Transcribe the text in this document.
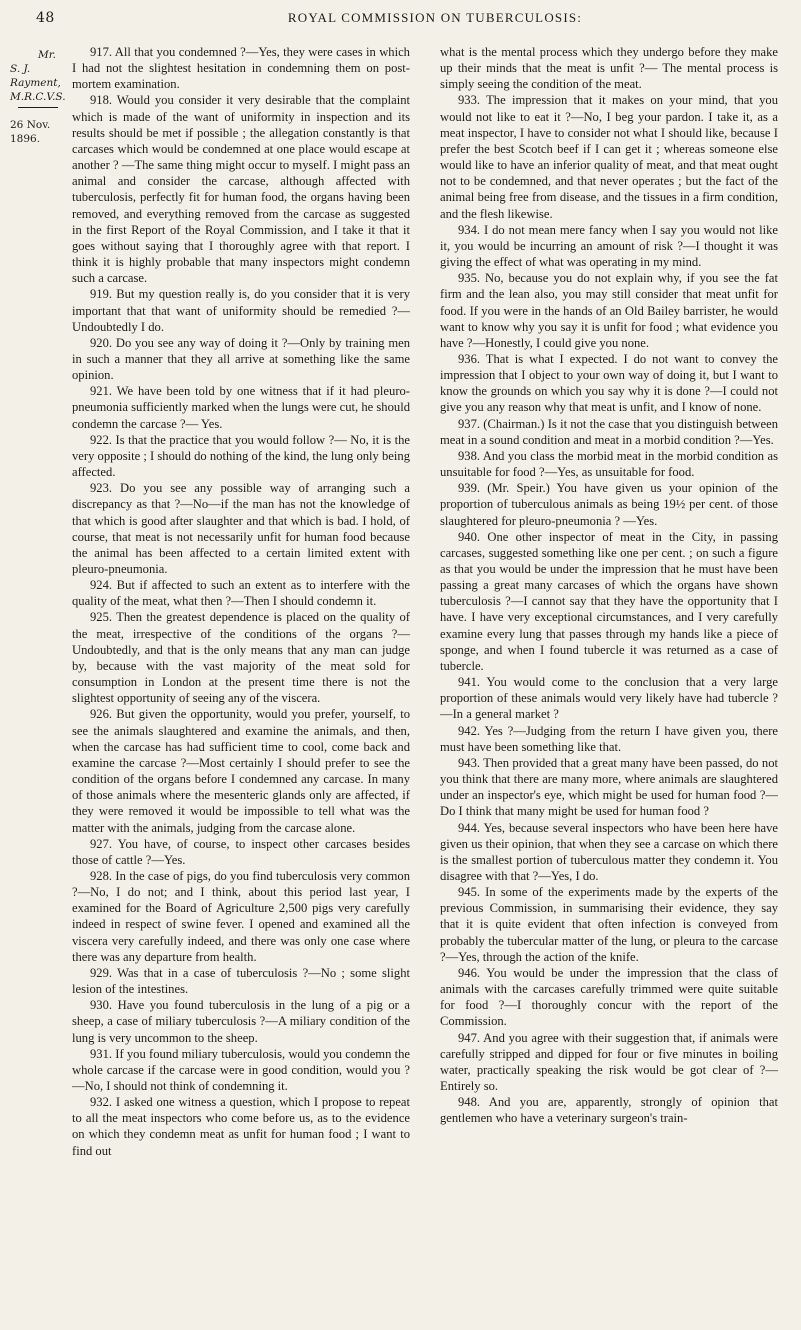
48	ROYAL COMMISSION ON TUBERCULOSIS:
Mr.
S. J. Rayment,
M.R.C.V.S.
26 Nov. 1896.

917. All that you condemned ?—Yes, they were cases in which I had not the slightest hesitation in condemning them on post-mortem examination.

918. Would you consider it very desirable that the complaint which is made of the want of uniformity in inspection and its results should be met if possible ; the allegation constantly is that carcases which would be condemned at one place would escape at another ? —The same thing might occur to myself. I might pass an animal and consider the carcase, although affected with tuberculosis, perfectly fit for human food, the organs having been removed, and everything removed from the carcase as suggested in the first Report of the Royal Commission, and I take it that it goes without saying that I thoroughly agree with that report. I think it is highly probable that many inspectors might condemn such a carcase.

919. But my question really is, do you consider that it is very important that that want of uniformity should be remedied ?—Undoubtedly I do.

920. Do you see any way of doing it ?—Only by training men in such a manner that they all arrive at something like the same opinion.

921. We have been told by one witness that if it had pleuro-pneumonia sufficiently marked when the lungs were cut, he should condemn the carcase ?— Yes.

922. Is that the practice that you would follow ?— No, it is the very opposite ; I should do nothing of the kind, the lung only being affected.

923. Do you see any possible way of arranging such a discrepancy as that ?—No—if the man has not the knowledge of that which is good after slaughter and that which is bad. I hold, of course, that meat is not necessarily unfit for human food because the animal has been affected to a certain limited extent with pleuro-pneumonia.

924. But if affected to such an extent as to interfere with the quality of the meat, what then ?—Then I should condemn it.

925. Then the greatest dependence is placed on the quality of the meat, irrespective of the conditions of the organs ?—Undoubtedly, and that is the only means that any man can judge by, because with the vast majority of the meat sold for consumption in London at the present time there is not the slightest opportunity of seeing any of the viscera.

926. But given the opportunity, would you prefer, yourself, to see the animals slaughtered and examine the animals, and then, when the carcase has had sufficient time to cool, come back and examine the carcase ?—Most certainly I should prefer to see the condition of the organs before I condemned any carcase. In many of those animals where the mesenteric glands only are affected, if they were removed it would be impossible to tell what was the matter with the animals, judging from the carcase alone.

927. You have, of course, to inspect other carcases besides those of cattle ?—Yes.

928. In the case of pigs, do you find tuberculosis very common ?—No, I do not; and I think, about this period last year, I examined for the Board of Agriculture 2,500 pigs very carefully indeed in respect of swine fever. I opened and examined all the viscera very carefully indeed, and there was only one case where there was any departure from health.

929. Was that in a case of tuberculosis ?—No ; some slight lesion of the intestines.

930. Have you found tuberculosis in the lung of a pig or a sheep, a case of miliary tuberculosis ?—A miliary condition of the lung is very uncommon to the sheep.

931. If you found miliary tuberculosis, would you condemn the whole carcase if the carcase were in good condition, would you ?—No, I should not think of condemning it.

932. I asked one witness a question, which I propose to repeat to all the meat inspectors who come before us, as to the evidence on which they condemn meat as unfit for human food ; I want to find out

what is the mental process which they undergo before they make up their minds that the meat is unfit ?— The mental process is simply seeing the condition of the meat.

933. The impression that it makes on your mind, that you would not like to eat it ?—No, I beg your pardon. I take it, as a meat inspector, I have to consider not what I should like, because I prefer the best Scotch beef if I can get it ; whereas someone else would like to have an inferior quality of meat, and that meat ought not to be condemned, and that never operates ; but the fact of the animal being free from disease, and the tissues in a firm condition, and the flesh likewise.

934. I do not mean mere fancy when I say you would not like it, you would be incurring an amount of risk ?—I thought it was giving the effect of what was operating in my mind.

935. No, because you do not explain why, if you see the fat firm and the lean also, you may still consider that meat unfit for food. If you were in the hands of an Old Bailey barrister, he would want to know why you say it is unfit for food ; what evidence you have ?—Honestly, I could give you none.

936. That is what I expected. I do not want to convey the impression that I object to your own way of doing it, but I want to know the grounds on which you say why it is done ?—I could not give you any reason why that meat is unfit, and I know of none.

937. (Chairman.) Is it not the case that you distinguish between meat in a sound condition and meat in a morbid condition ?—Yes.

938. And you class the morbid meat in the morbid condition as unsuitable for food ?—Yes, as unsuitable for food.

939. (Mr. Speir.) You have given us your opinion of the proportion of tuberculous animals as being 19½ per cent. of those slaughtered for pleuro-pneumonia ? —Yes.

940. One other inspector of meat in the City, in passing carcases, suggested something like one per cent. ; on such a figure as that you would be under the impression that he must have been passing a great many carcases of which the organs have shown tuberculosis ?—I cannot say that they have the opportunity that I have. I have very exceptional circumstances, and I very carefully examine every lung that passes through my hands like a piece of sponge, and when I found tubercle it was returned as a case of tubercle.

941. You would come to the conclusion that a very large proportion of these animals would very likely have had tubercle ?—In a general market ?

942. Yes ?—Judging from the return I have given you, there must have been something like that.

943. Then provided that a great many have been passed, do not you think that there are many more, where animals are slaughtered under an inspector's eye, which might be used for human food ?—Do I think that many might be used for human food ?

944. Yes, because several inspectors who have been here have given us their opinion, that when they see a carcase on which there is the smallest portion of tuberculous matter they condemn it. You disagree with that ?—Yes, I do.

945. In some of the experiments made by the experts of the previous Commission, in summarising their evidence, they say that it is quite evident that often infection is conveyed from probably the tubercular matter of the lung, or pleura to the carcase ?—Yes, through the action of the knife.

946. You would be under the impression that the class of animals with the carcases carefully trimmed were quite suitable for food ?—I thoroughly concur with the report of the Commission.

947. And you agree with their suggestion that, if animals were carefully stripped and dipped for four or five minutes in boiling water, practically speaking the risk would be got clear of ?—Entirely so.

948. And you are, apparently, strongly of opinion that gentlemen who have a veterinary surgeon's train-
